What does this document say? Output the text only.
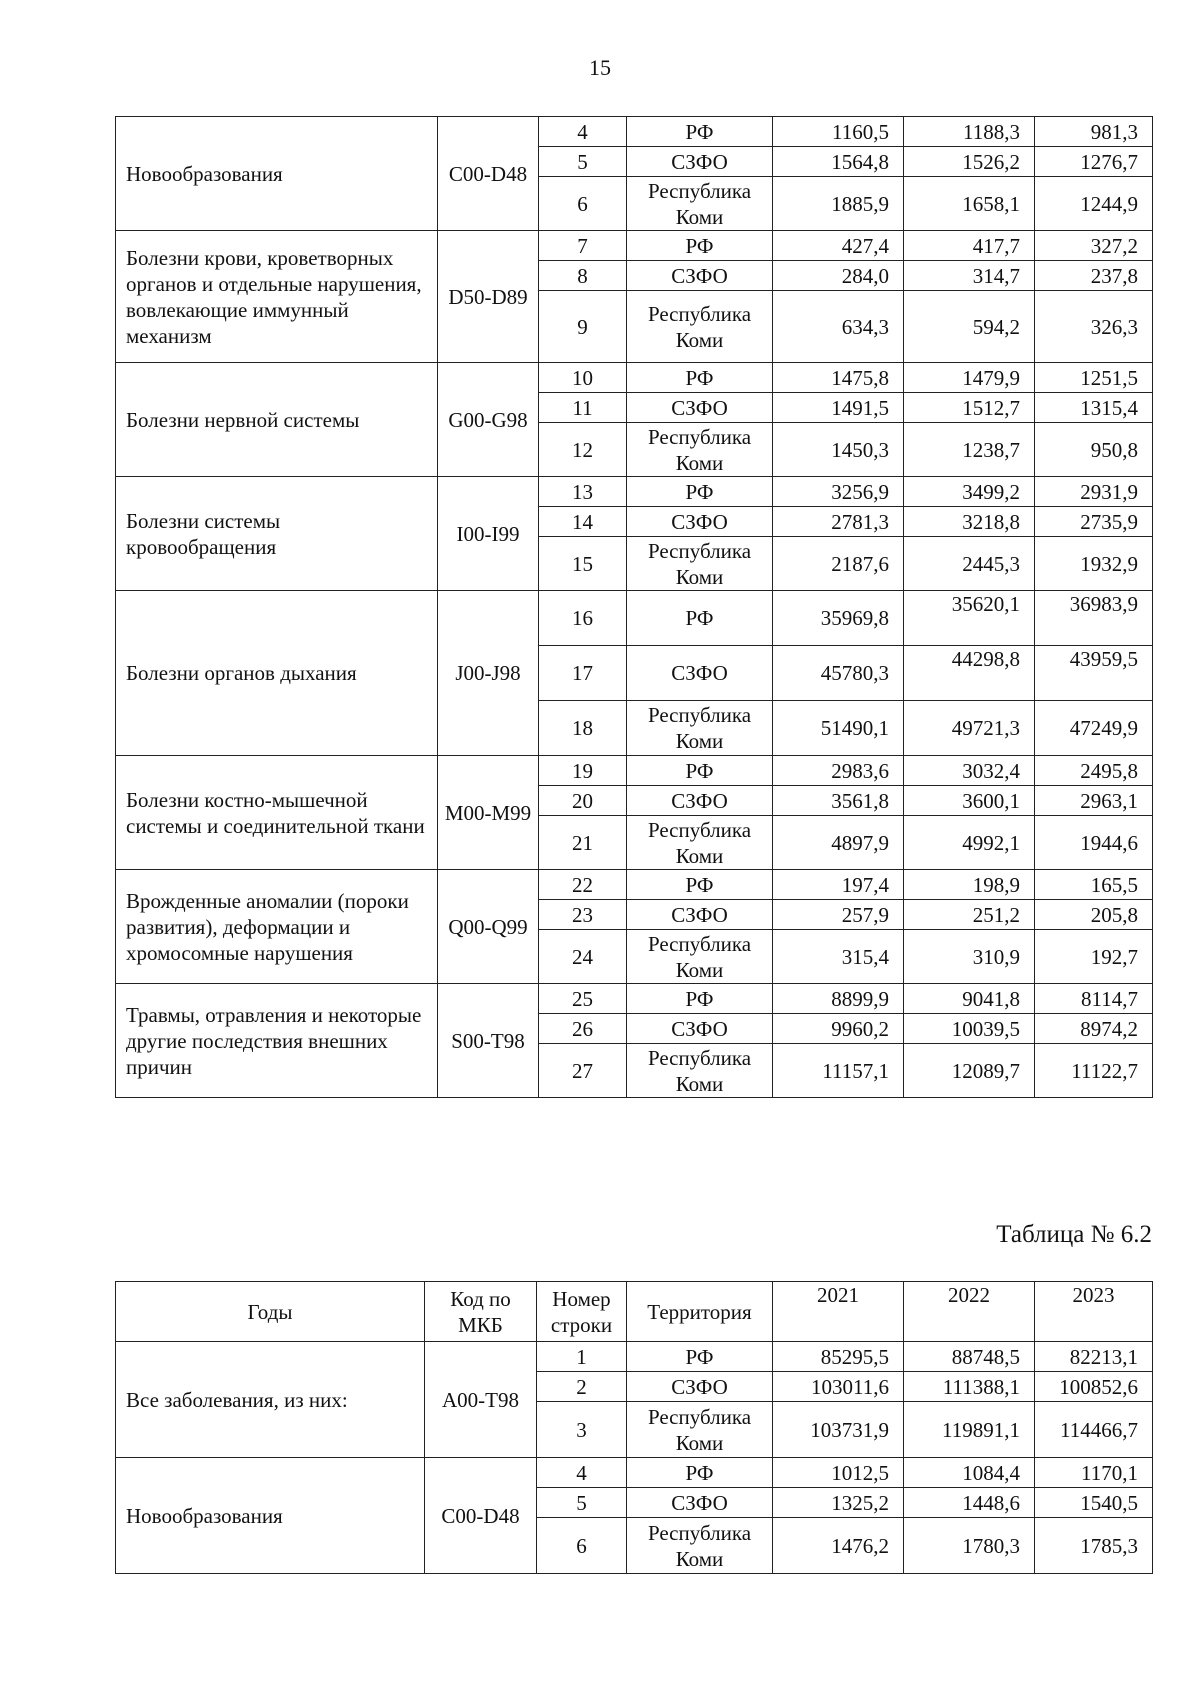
15
Новообразования	C00-D48	4	РФ	1160,5	1188,3	981,3
		5	СЗФО	1564,8	1526,2	1276,7
		6	Республика Коми	1885,9	1658,1	1244,9
Болезни крови, кроветворных органов и отдельные нарушения, вовлекающие иммунный механизм	D50-D89	7	РФ	427,4	417,7	327,2
		8	СЗФО	284,0	314,7	237,8
		9	Республика Коми	634,3	594,2	326,3
Болезни нервной системы	G00-G98	10	РФ	1475,8	1479,9	1251,5
		11	СЗФО	1491,5	1512,7	1315,4
		12	Республика Коми	1450,3	1238,7	950,8
Болезни системы кровообращения	I00-I99	13	РФ	3256,9	3499,2	2931,9
		14	СЗФО	2781,3	3218,8	2735,9
		15	Республика Коми	2187,6	2445,3	1932,9
Болезни органов дыхания	J00-J98	16	РФ	35969,8	35620,1	36983,9
		17	СЗФО	45780,3	44298,8	43959,5
		18	Республика Коми	51490,1	49721,3	47249,9
Болезни костно-мышечной системы и соединительной ткани	M00-M99	19	РФ	2983,6	3032,4	2495,8
		20	СЗФО	3561,8	3600,1	2963,1
		21	Республика Коми	4897,9	4992,1	1944,6
Врожденные аномалии (пороки развития), деформации и хромосомные нарушения	Q00-Q99	22	РФ	197,4	198,9	165,5
		23	СЗФО	257,9	251,2	205,8
		24	Республика Коми	315,4	310,9	192,7
Травмы, отравления и некоторые другие последствия внешних причин	S00-T98	25	РФ	8899,9	9041,8	8114,7
		26	СЗФО	9960,2	10039,5	8974,2
		27	Республика Коми	11157,1	12089,7	11122,7
Таблица № 6.2
Годы	Код по МКБ	Номер строки	Территория	2021	2022	2023
Все заболевания, из них:	A00-T98	1	РФ	85295,5	88748,5	82213,1
		2	СЗФО	103011,6	111388,1	100852,6
		3	Республика Коми	103731,9	119891,1	114466,7
Новообразования	C00-D48	4	РФ	1012,5	1084,4	1170,1
		5	СЗФО	1325,2	1448,6	1540,5
		6	Республика Коми	1476,2	1780,3	1785,3
